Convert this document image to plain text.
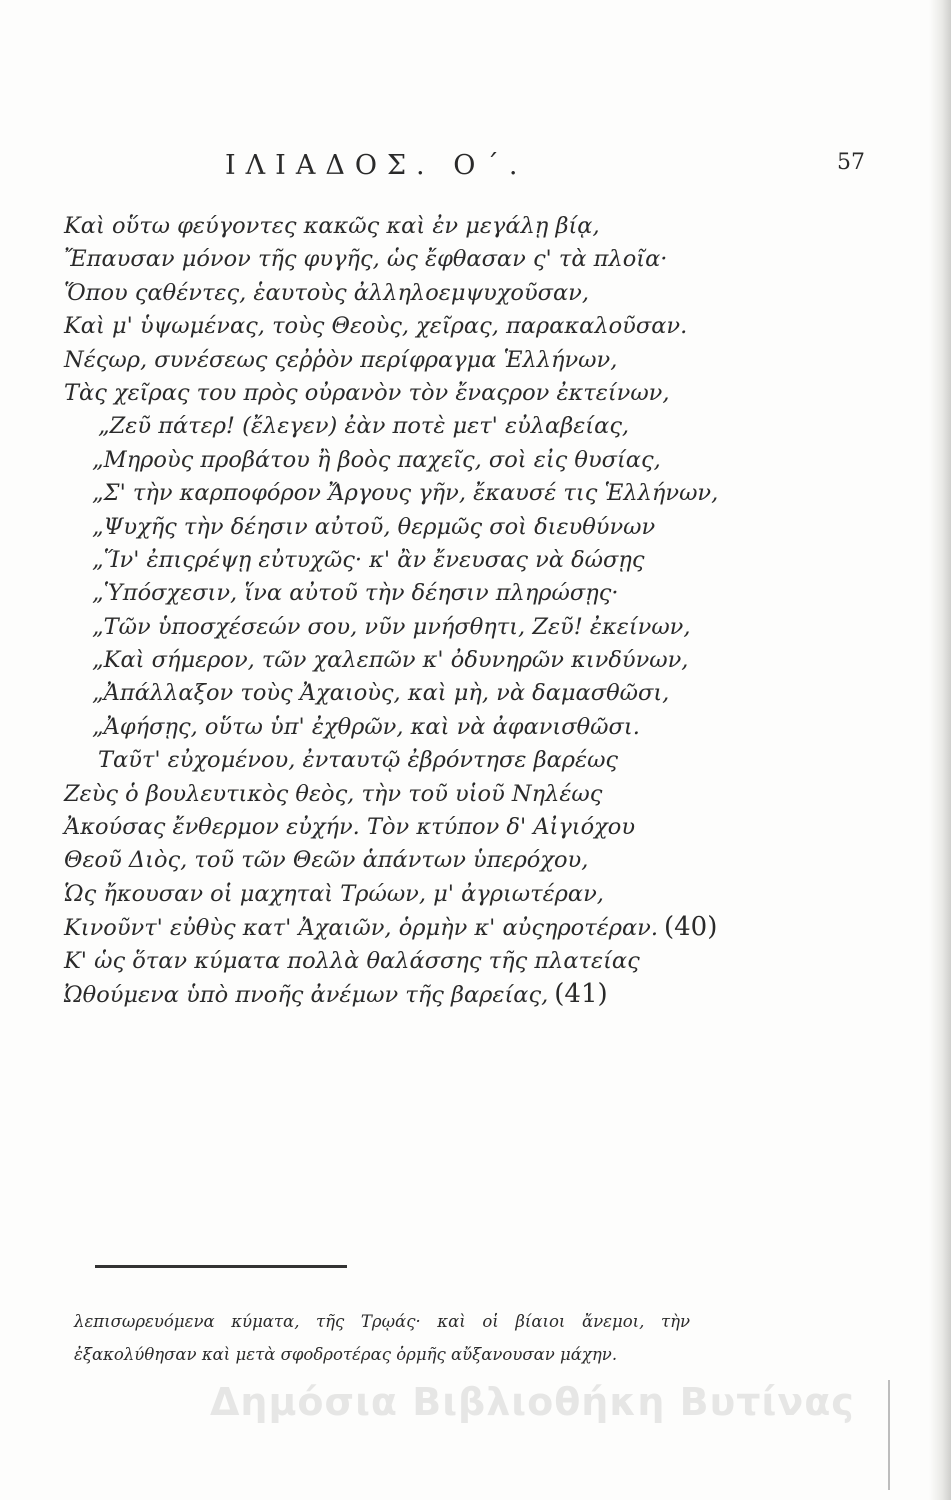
ΙΛΙΑΔΟΣ. Ο΄.	57
Καὶ οὕτω φεύγοντες κακῶς καὶ ἐν μεγάλῃ βίᾳ,
Ἔπαυσαν μόνον τῆς φυγῆς, ὡς ἔφθασαν ς' τὰ πλοῖα·
Ὅπου ςαθέντες, ἑαυτοὺς ἀλληλοεμψυχοῦσαν,
Καὶ μ' ὑψωμένας, τοὺς Θεοὺς, χεῖρας, παρακαλοῦσαν.
Νέςωρ, συνέσεως ςεῤῥὸν περίφραγμα Ἑλλήνων,
Τὰς χεῖρας του πρὸς οὐρανὸν τὸν ἔναςρον ἐκτείνων,
„Ζεῦ πάτερ! (ἔλεγεν) ἐὰν ποτὲ μετ' εὐλαβείας,
„Μηροὺς προβάτου ἢ βοὸς παχεῖς, σοὶ εἰς θυσίας,
„Σ' τὴν καρποφόρον Ἄργους γῆν, ἔκαυσέ τις Ἑλλήνων,
„Ψυχῆς τὴν δέησιν αὐτοῦ, θερμῶς σοὶ διευθύνων
„Ἵν' ἐπιςρέψῃ εὐτυχῶς· κ' ἂν ἔνευσας νὰ δώσῃς
„Ὑπόσχεσιν, ἵνα αὐτοῦ τὴν δέησιν πληρώσῃς·
„Τῶν ὑποσχέσεών σου, νῦν μνήσθητι, Ζεῦ! ἐκείνων,
„Καὶ σήμερον, τῶν χαλεπῶν κ' ὀδυνηρῶν κινδύνων,
„Ἀπάλλαξον τοὺς Ἀχαιοὺς, καὶ μὴ, νὰ δαμασθῶσι,
„Ἀφήσῃς, οὕτω ὑπ' ἐχθρῶν, καὶ νὰ ἀφανισθῶσι.
Ταῦτ' εὐχομένου, ἐνταυτῷ ἐβρόντησε βαρέως
Ζεὺς ὁ βουλευτικὸς θεὸς, τὴν τοῦ υἱοῦ Νηλέως
Ἀκούσας ἔνθερμον εὐχήν. Τὸν κτύπον δ' Αἰγιόχου
Θεοῦ Διὸς, τοῦ τῶν Θεῶν ἁπάντων ὑπερόχου,
Ὡς ἤκουσαν οἱ μαχηταὶ Τρώων, μ' ἀγριωτέραν,
Κινοῦντ' εὐθὺς κατ' Ἀχαιῶν, ὁρμὴν κ' αὐςηροτέραν. (40)
Κ' ὡς ὅταν κύματα πολλὰ θαλάσσης τῆς πλατείας
Ὠθούμενα ὑπὸ πνοῆς ἀνέμων τῆς βαρείας, (41)

λεπισωρευόμενα κύματα, τῆς Τρῳάς· καὶ οἱ βίαιοι ἄνεμοι, τὴν ἐξακολύθησαν καὶ μετὰ σφοδροτέρας ὁρμῆς αὔξανουσαν μάχην.

Δημόσια Βιβλιοθήκη Βυτίνας
